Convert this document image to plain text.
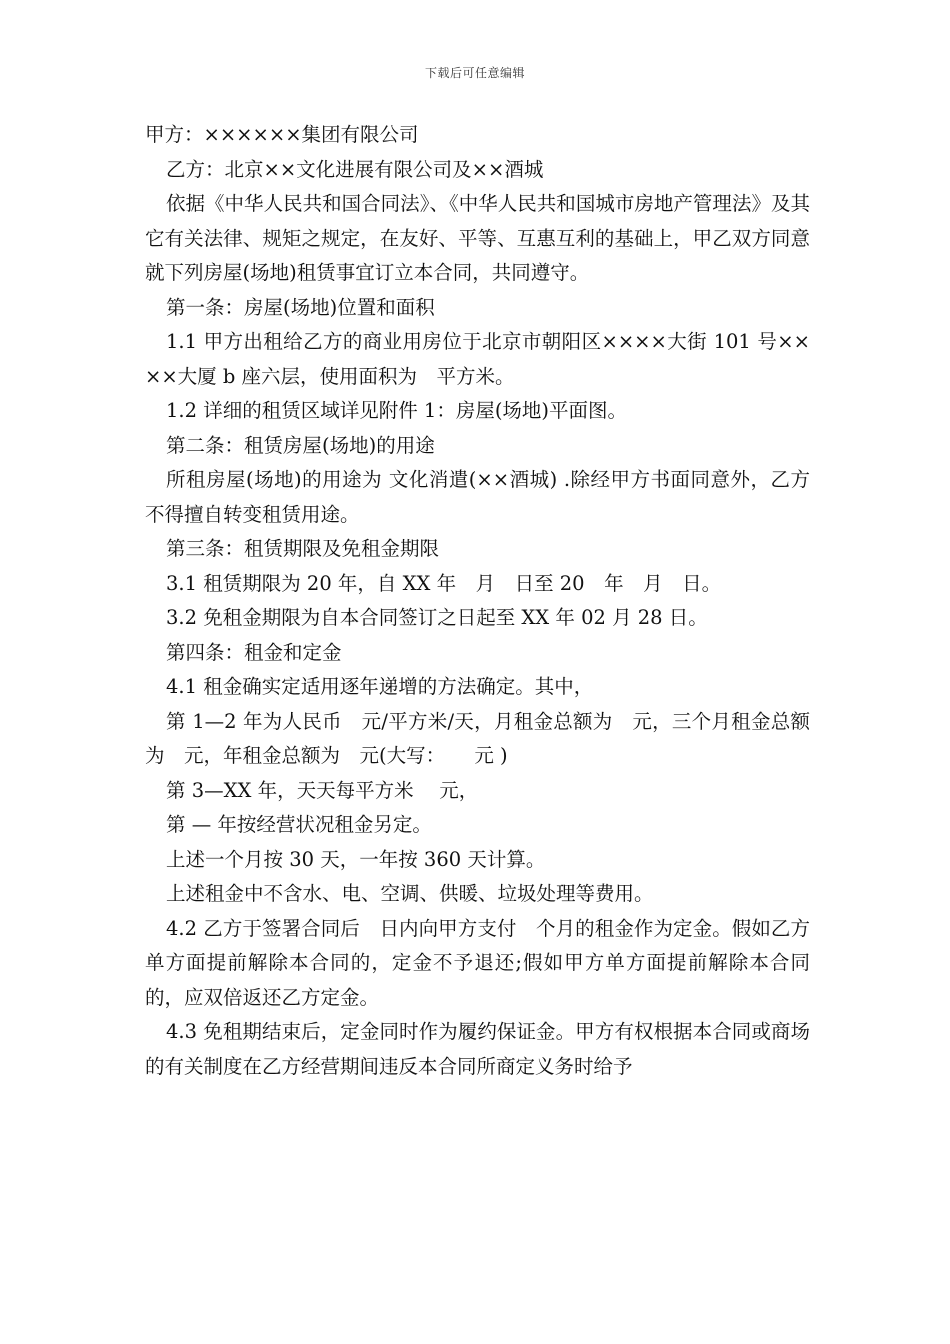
下载后可任意编辑

甲方：××××××集团有限公司

乙方：北京××文化进展有限公司及××酒城

依据《中华人民共和国合同法》、《中华人民共和国城市房地产管理法》及其它有关法律、规矩之规定，在友好、平等、互惠互利的基础上，甲乙双方同意就下列房屋(场地)租赁事宜订立本合同，共同遵守。

第一条：房屋(场地)位置和面积

1.1 甲方出租给乙方的商业用房位于北京市朝阳区××××大街 101 号××××大厦 b 座六层，使用面积为　平方米。

1.2 详细的租赁区域详见附件 1：房屋(场地)平面图。

第二条：租赁房屋(场地)的用途

所租房屋(场地)的用途为 文化消遣(××酒城) .除经甲方书面同意外，乙方不得擅自转变租赁用途。

第三条：租赁期限及免租金期限

3.1 租赁期限为 20 年，自 XX 年　月　日至 20　年　月　日。

3.2 免租金期限为自本合同签订之日起至 XX 年 02 月 28 日。

第四条：租金和定金

4.1 租金确实定适用逐年递增的方法确定。其中，

第 1—2 年为人民币　元/平方米/天，月租金总额为　元，三个月租金总额为　元，年租金总额为　元(大写：　　元 )

第 3—XX 年，天天每平方米　 元，

第 — 年按经营状况租金另定。

上述一个月按 30 天，一年按 360 天计算。

上述租金中不含水、电、空调、供暖、垃圾处理等费用。

4.2 乙方于签署合同后　日内向甲方支付　个月的租金作为定金。假如乙方单方面提前解除本合同的，定金不予退还;假如甲方单方面提前解除本合同的，应双倍返还乙方定金。

4.3 免租期结束后，定金同时作为履约保证金。甲方有权根据本合同或商场的有关制度在乙方经营期间违反本合同所商定义务时给予
